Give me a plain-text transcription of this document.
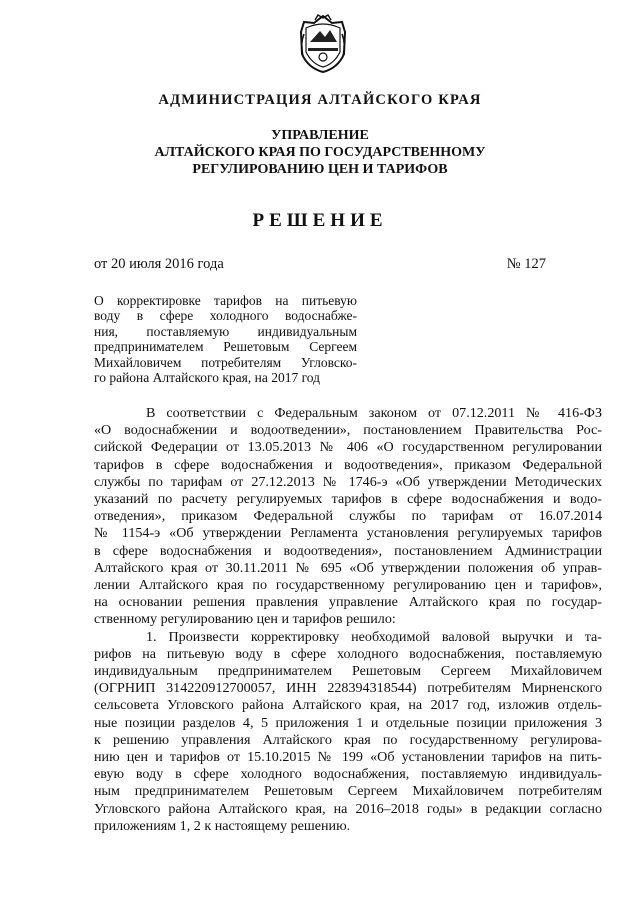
АДМИНИСТРАЦИЯ АЛТАЙСКОГО КРАЯ
УПРАВЛЕНИЕ
АЛТАЙСКОГО КРАЯ ПО ГОСУДАРСТВЕННОМУ
РЕГУЛИРОВАНИЮ ЦЕН И ТАРИФОВ
РЕШЕНИЕ
от 20 июля 2016 года	№ 127
О корректировке тарифов на питьевую
воду в сфере холодного водоснабже-
ния, поставляемую индивидуальным
предпринимателем Решетовым Сергеем
Михайловичем потребителям Угловско-
го района Алтайского края, на 2017 год
В соответствии с Федеральным законом от 07.12.2011 № 416-ФЗ
«О водоснабжении и водоотведении», постановлением Правительства Рос-
сийской Федерации от 13.05.2013 № 406 «О государственном регулировании
тарифов в сфере водоснабжения и водоотведения», приказом Федеральной
службы по тарифам от 27.12.2013 № 1746-э «Об утверждении Методических
указаний по расчету регулируемых тарифов в сфере водоснабжения и водо-
отведения», приказом Федеральной службы по тарифам от 16.07.2014
№ 1154-э «Об утверждении Регламента установления регулируемых тарифов
в сфере водоснабжения и водоотведения», постановлением Администрации
Алтайского края от 30.11.2011 № 695 «Об утверждении положения об управ-
лении Алтайского края по государственному регулированию цен и тарифов»,
на основании решения правления управление Алтайского края по государ-
ственному регулированию цен и тарифов решило:
1. Произвести корректировку необходимой валовой выручки и та-
рифов на питьевую воду в сфере холодного водоснабжения, поставляемую
индивидуальным предпринимателем Решетовым Сергеем Михайловичем
(ОГРНИП 314220912700057, ИНН 228394318544) потребителям Мирненского
сельсовета Угловского района Алтайского края, на 2017 год, изложив отдель-
ные позиции разделов 4, 5 приложения 1 и отдельные позиции приложения 3
к решению управления Алтайского края по государственному регулирова-
нию цен и тарифов от 15.10.2015 № 199 «Об установлении тарифов на пить-
евую воду в сфере холодного водоснабжения, поставляемую индивидуаль-
ным предпринимателем Решетовым Сергеем Михайловичем потребителям
Угловского района Алтайского края, на 2016–2018 годы» в редакции согласно
приложениям 1, 2 к настоящему решению.
